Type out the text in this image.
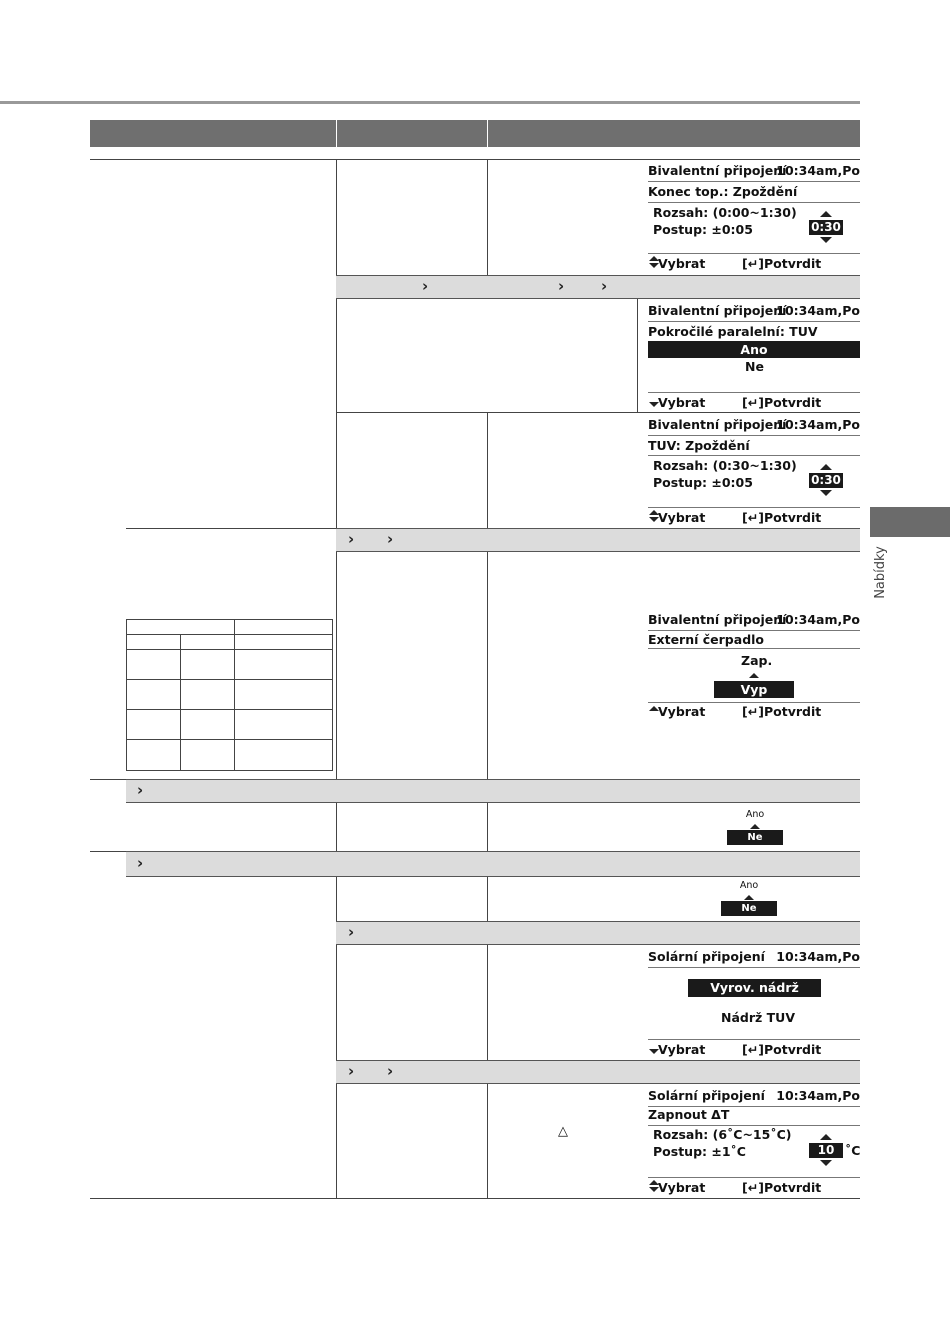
Nabídky
›	› ›
› ›
›
›
›
› ›
Bivalentní připojení
10:34am,Po
Konec top.: Zpoždění
Rozsah: (0:00~1:30)
Postup: ±0:05	0:30
Vybrat	[↵] Potvrdit
Bivalentní připojení
10:34am,Po
Pokročilé paralelní: TUV
Ano
Ne
Vybrat	[↵] Potvrdit
Bivalentní připojení
10:34am,Po
TUV: Zpoždění
Rozsah: (0:30~1:30)
Postup: ±0:05	0:30
Vybrat	[↵] Potvrdit
Bivalentní připojení
10:34am,Po
Externí čerpadlo
Zap.
Vyp
Vybrat	[↵] Potvrdit
Ano
Ne
Ano
Ne
Solární připojení 10:34am,Po
Vyrov. nádrž
Nádrž TUV
Vybrat	[↵] Potvrdit
△
Solární připojení 10:34am,Po
Zapnout ΔT
Rozsah: (6˚C~15˚C)
Postup: ±1˚C	10 ˚C
Vybrat	[↵] Potvrdit
